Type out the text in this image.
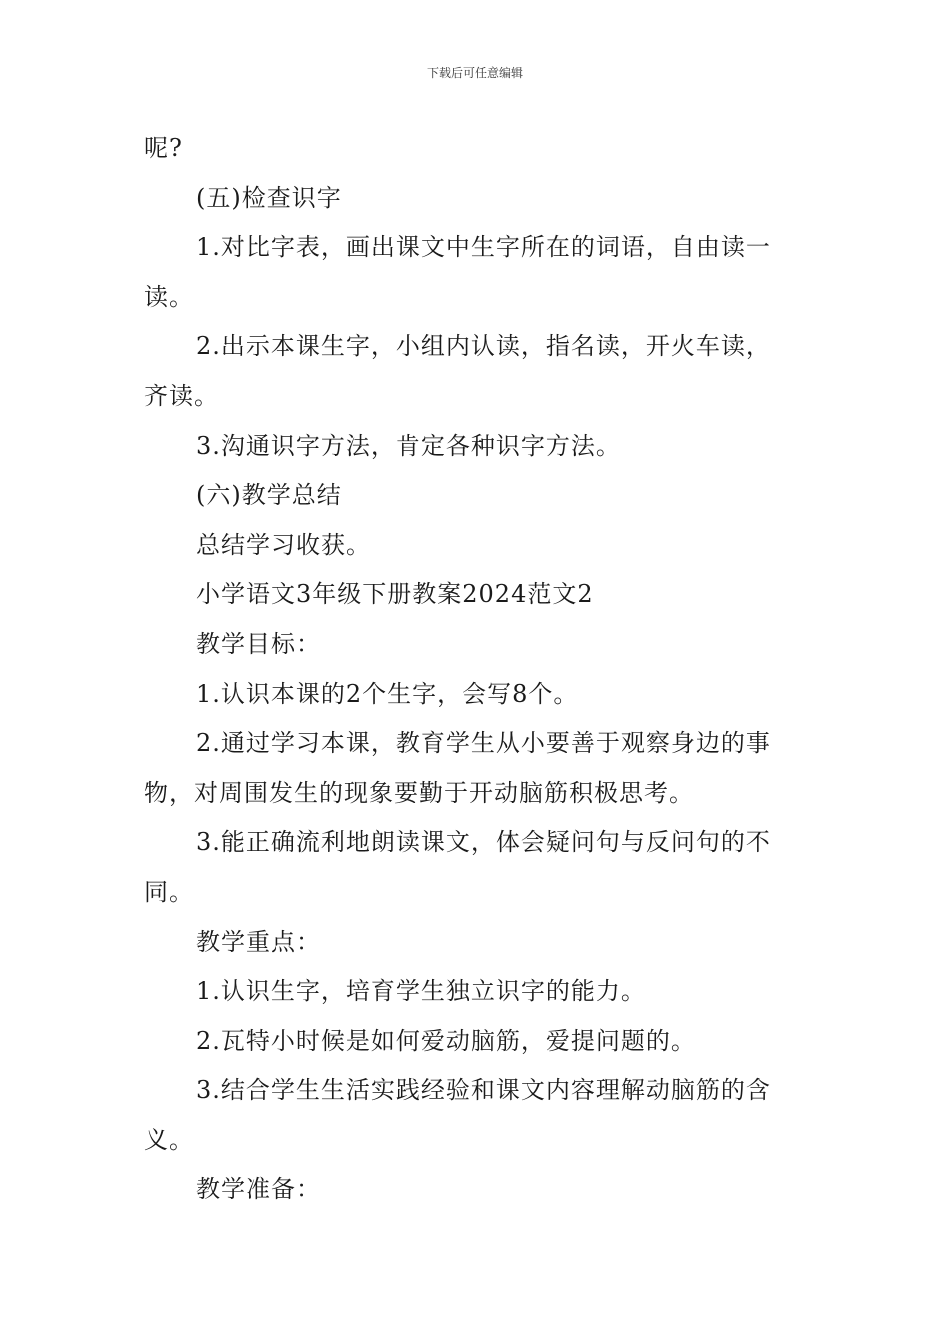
下载后可任意编辑

呢?

(五)检查识字

1.对比字表，画出课文中生字所在的词语，自由读一

读。

2.出示本课生字，小组内认读，指名读，开火车读，

齐读。

3.沟通识字方法，肯定各种识字方法。

(六)教学总结

总结学习收获。

小学语文3年级下册教案2024范文2

教学目标：

1.认识本课的2个生字，会写8个。

2.通过学习本课，教育学生从小要善于观察身边的事

物，对周围发生的现象要勤于开动脑筋积极思考。

3.能正确流利地朗读课文，体会疑问句与反问句的不

同。

教学重点：

1.认识生字，培育学生独立识字的能力。

2.瓦特小时候是如何爱动脑筋，爱提问题的。

3.结合学生生活实践经验和课文内容理解动脑筋的含

义。

教学准备：
